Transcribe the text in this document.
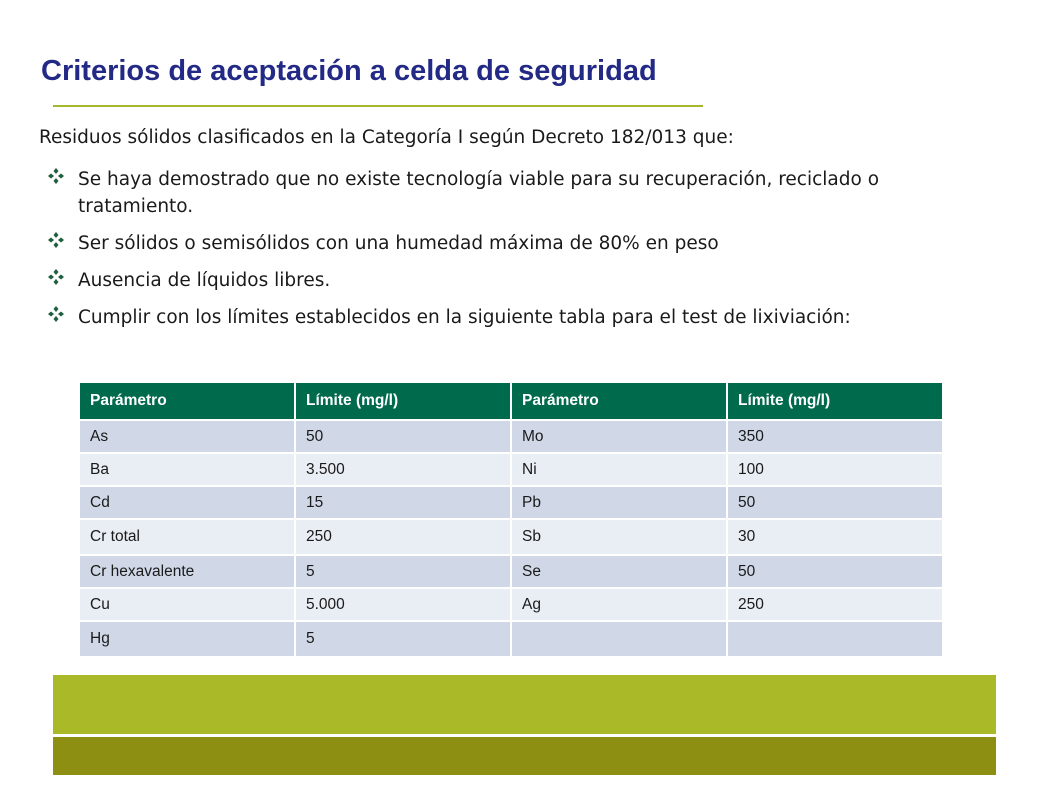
Criterios de aceptación a celda de seguridad
Residuos sólidos clasificados en la Categoría I según Decreto 182/013 que:
Se haya demostrado que no existe tecnología viable para su recuperación, reciclado o tratamiento.
Ser sólidos o semisólidos con una humedad máxima de 80% en peso
Ausencia de líquidos libres.
Cumplir con los límites establecidos en la siguiente tabla para el test de lixiviación:
Parámetro	Límite (mg/l)	Parámetro	Límite (mg/l)
As	50	Mo	350
Ba	3.500	Ni	100
Cd	15	Pb	50
Cr total	250	Sb	30
Cr hexavalente	5	Se	50
Cu	5.000	Ag	250
Hg	5		
